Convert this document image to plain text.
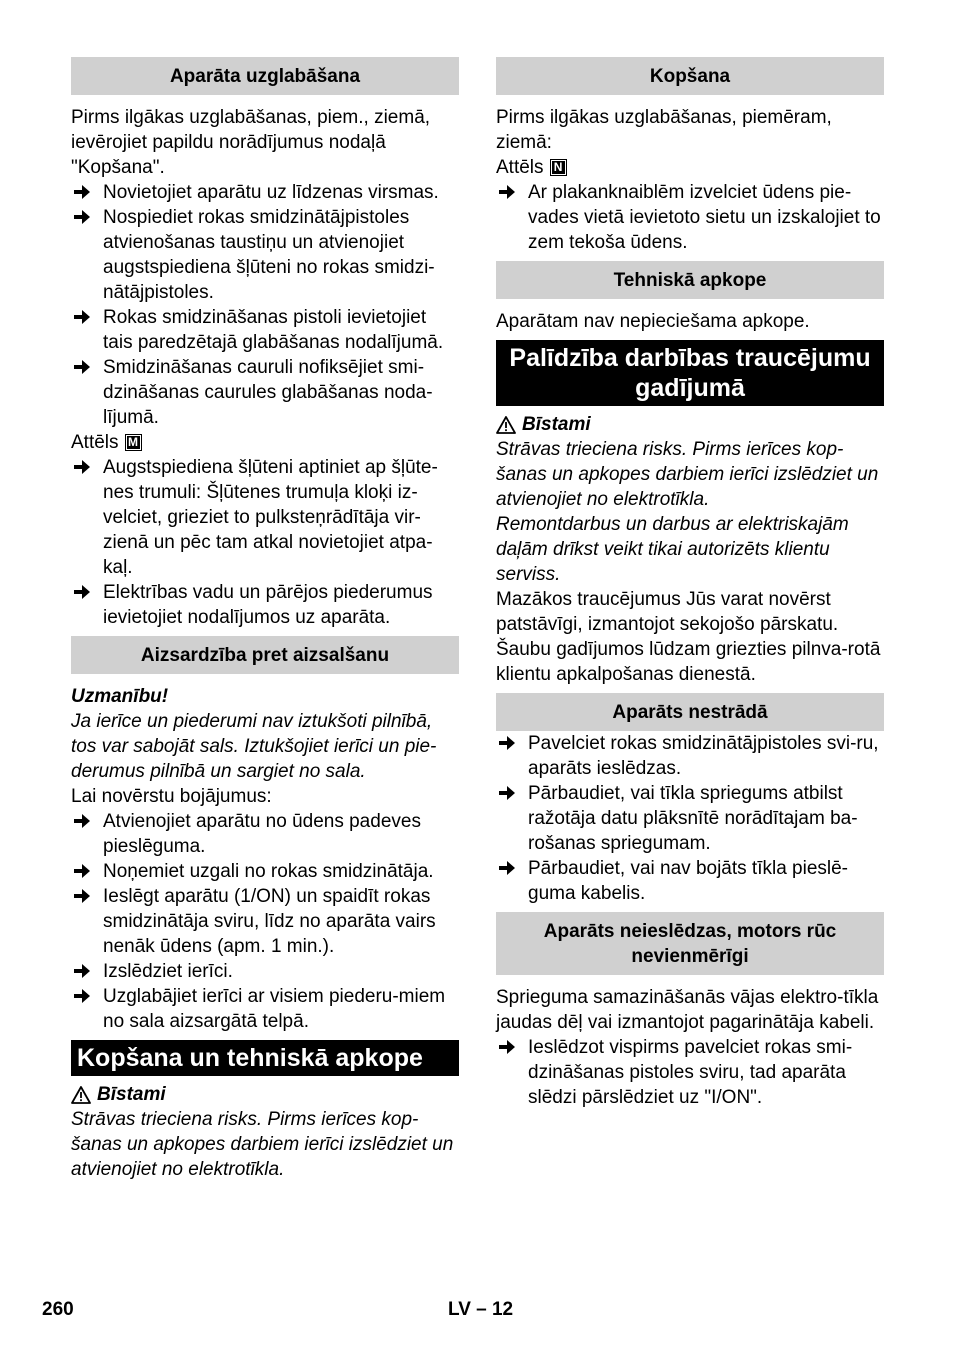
Aparāta uzglabāšana

Pirms ilgākas uzglabāšanas, piem., ziemā, ievērojiet papildu norādījumus nodaļā "Kopšana".

Novietojiet aparātu uz līdzenas virsmas.
Nospiediet rokas smidzinātājpistoles atvienošanas taustiņu un atvienojiet augstspiediena šļūteni no rokas smidzi-nātājpistoles.
Rokas smidzināšanas pistoli ievietojiet tais paredzētajā glabāšanas nodalījumā.
Smidzināšanas cauruli nofiksējiet smi-dzināšanas caurules glabāšanas noda-lījumā.

Attēls M

Augstspiediena šļūteni aptiniet ap šļūte-nes trumuli: Šļūtenes trumuļa kloķi iz-velciet, grieziet to pulksteņrādītāja vir-zienā un pēc tam atkal novietojiet atpa-kaļ.
Elektrības vadu un pārējos piederumus ievietojiet nodalījumos uz aparāta.
Aizsardzība pret aizsalšanu

Uzmanību!

Ja ierīce un piederumi nav iztukšoti pilnībā, tos var sabojāt sals. Iztukšojiet ierīci un pie-derumus pilnībā un sargiet no sala.

Lai novērstu bojājumus:

Atvienojiet aparātu no ūdens padeves pieslēguma.
Noņemiet uzgali no rokas smidzinātāja.
Ieslēgt aparātu (1/ON) un spaidīt rokas smidzinātāja sviru, līdz no aparāta vairs nenāk ūdens (apm. 1 min.).
Izslēdziet ierīci.
Uzglabājiet ierīci ar visiem piederu-miem no sala aizsargātā telpā.
Kopšana un tehniskā apkope
Bīstami

Strāvas trieciena risks. Pirms ierīces kop-šanas un apkopes darbiem ierīci izslēdziet un atvienojiet no elektrotīkla.

Kopšana

Pirms ilgākas uzglabāšanas, piemēram, ziemā:

Attēls N

Ar plakanknaiblēm izvelciet ūdens pie-vades vietā ievietoto sietu un izskalojiet to zem tekoša ūdens.
Tehniskā apkope

Aparātam nav nepieciešama apkope.

Palīdzība darbības traucējumu gadījumā
Bīstami

Strāvas trieciena risks. Pirms ierīces kop-šanas un apkopes darbiem ierīci izslēdziet un atvienojiet no elektrotīkla.

Remontdarbus un darbus ar elektriskajām daļām drīkst veikt tikai autorizēts klientu serviss.

Mazākos traucējumus Jūs varat novērst patstāvīgi, izmantojot sekojošo pārskatu.

Šaubu gadījumos lūdzam griezties pilnva-rotā klientu apkalpošanas dienestā.

Aparāts nestrādā
Pavelciet rokas smidzinātājpistoles svi-ru, aparāts ieslēdzas.
Pārbaudiet, vai tīkla spriegums atbilst ražotāja datu plāksnītē norādītajam ba-rošanas spriegumam.
Pārbaudiet, vai nav bojāts tīkla pieslē-guma kabelis.
Aparāts neieslēdzas, motors rūc nevienmērīgi

Sprieguma samazināšanās vājas elektro-tīkla jaudas dēļ vai izmantojot pagarinātāja kabeli.

Ieslēdzot vispirms pavelciet rokas smi-dzināšanas pistoles sviru, tad aparāta slēdzi pārslēdziet uz "I/ON".
260	LV – 12
